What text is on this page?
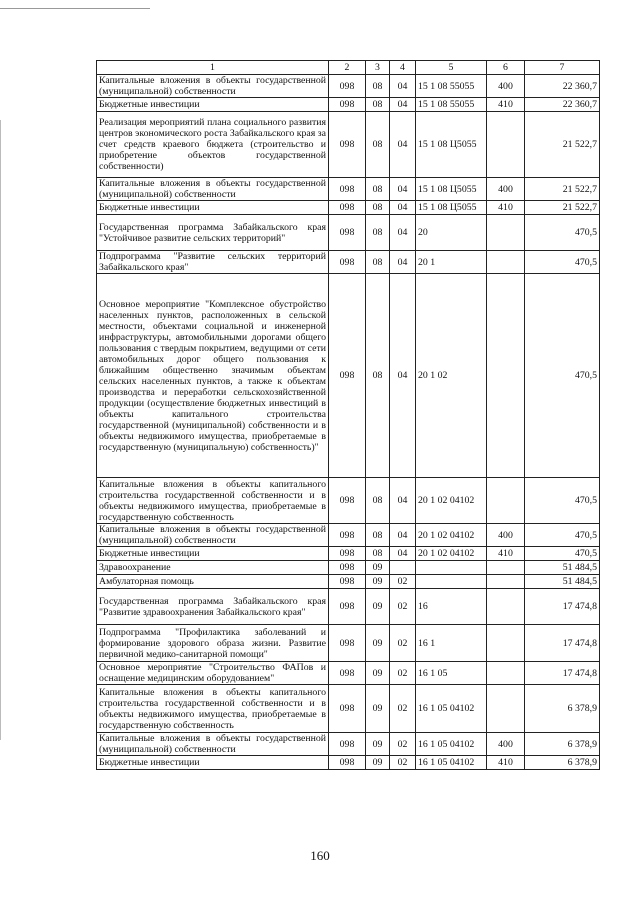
1	2	3	4	5	6	7
Капитальные вложения в объекты государственной (муниципальной) собственности	098	08	04	15 1 08 55055	400	22 360,7
Бюджетные инвестиции	098	08	04	15 1 08 55055	410	22 360,7
Реализация мероприятий плана социального развития центров экономического роста Забайкальского края за счет средств краевого бюджета (строительство и приобретение объектов государственной собственности)	098	08	04	15 1 08 Ц5055		21 522,7
Капитальные вложения в объекты государственной (муниципальной) собственности	098	08	04	15 1 08 Ц5055	400	21 522,7
Бюджетные инвестиции	098	08	04	15 1 08 Ц5055	410	21 522,7
Государственная программа Забайкальского края "Устойчивое развитие сельских территорий"	098	08	04	20		470,5
Подпрограмма "Развитие сельских территорий Забайкальского края"	098	08	04	20 1		470,5
Основное мероприятие "Комплексное обустройство населенных пунктов, расположенных в сельской местности, объектами социальной и инженерной инфраструктуры, автомобильными дорогами общего пользования с твердым покрытием, ведущими от сети автомобильных дорог общего пользования к ближайшим общественно значимым объектам сельских населенных пунктов, а также к объектам производства и переработки сельскохозяйственной продукции (осуществление бюджетных инвестиций в объекты капитального строительства государственной (муниципальной) собственности и в объекты недвижимого имущества, приобретаемые в государственную (муниципальную) собственность)"	098	08	04	20 1 02		470,5
Капитальные вложения в объекты капитального строительства государственной собственности и в объекты недвижимого имущества, приобретаемые в государственную собственность	098	08	04	20 1 02 04102		470,5
Капитальные вложения в объекты государственной (муниципальной) собственности	098	08	04	20 1 02 04102	400	470,5
Бюджетные инвестиции	098	08	04	20 1 02 04102	410	470,5
Здравоохранение	098	09				51 484,5
Амбулаторная помощь	098	09	02			51 484,5
Государственная программа Забайкальского края "Развитие здравоохранения Забайкальского края"	098	09	02	16		17 474,8
Подпрограмма "Профилактика заболеваний и формирование здорового образа жизни. Развитие первичной медико-санитарной помощи"	098	09	02	16 1		17 474,8
Основное мероприятие "Строительство ФАПов и оснащение медицинским оборудованием"	098	09	02	16 1 05		17 474,8
Капитальные вложения в объекты капитального строительства государственной собственности и в объекты недвижимого имущества, приобретаемые в государственную собственность	098	09	02	16 1 05 04102		6 378,9
Капитальные вложения в объекты государственной (муниципальной) собственности	098	09	02	16 1 05 04102	400	6 378,9
Бюджетные инвестиции	098	09	02	16 1 05 04102	410	6 378,9
160
